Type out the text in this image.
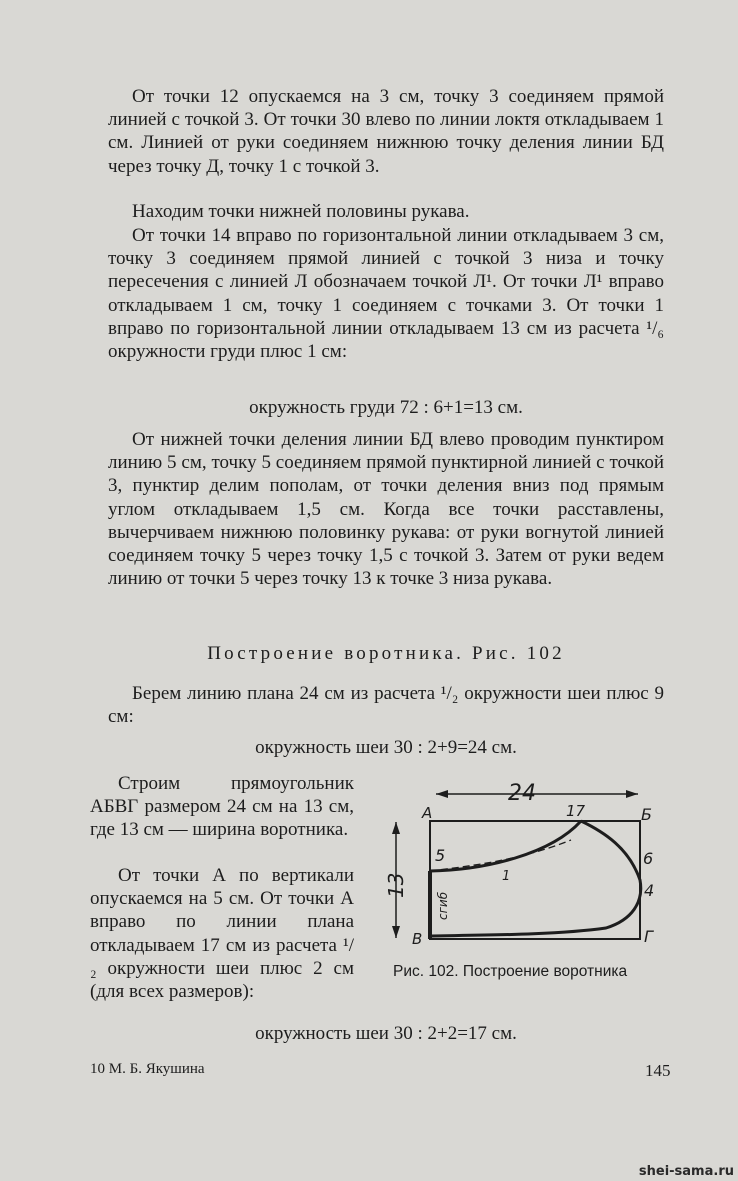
От точки 12 опускаемся на 3 см, точку 3 соединяем прямой линией с точкой 3. От точки 30 влево по линии локтя откладываем 1 см. Линией от руки соединяем нижнюю точку деления линии БД через точку Д, точку 1 с точкой 3.
Находим точки нижней половины рукава.
От точки 14 вправо по горизонтальной линии откладываем 3 см, точку 3 соединяем прямой линией с точкой 3 низа и точку пересечения с линией Л обозначаем точкой Л¹. От точки Л¹ вправо откладываем 1 см, точку 1 соединяем с точками 3. От точки 1 вправо по горизонтальной линии откладываем 13 см из расчета ¹/₆ окружности груди плюс 1 см:
окружность груди 72 : 6+1=13 см.
От нижней точки деления линии БД влево проводим пунктиром линию 5 см, точку 5 соединяем прямой пунктирной линией с точкой 3, пунктир делим пополам, от точки деления вниз под прямым углом откладываем 1,5 см. Когда все точки расставлены, вычерчиваем нижнюю половинку рукава: от руки вогнутой линией соединяем точку 5 через точку 1,5 с точкой 3. Затем от руки ведем линию от точки 5 через точку 13 к точке 3 низа рукава.
Построение воротника. Рис. 102
Берем линию плана 24 см из расчета ¹/₂ окружности шеи плюс 9 см:
окружность шеи 30 : 2+9=24 см.
Строим прямоугольник АБВГ размером 24 см на 13 см, где 13 см — ширина воротника.
От точки А по вертикали опускаемся на 5 см. От точки А вправо по линии плана откладываем 17 см из расчета ¹/₂ окружности шеи плюс 2 см (для всех размеров):
24
13
А	Б
В	Г
17
5	6
4
1
сгиб
Рис. 102. Построение воротника
окружность шеи 30 : 2+2=17 см.
10 М. Б. Якушина	145
shei-sama.ru
